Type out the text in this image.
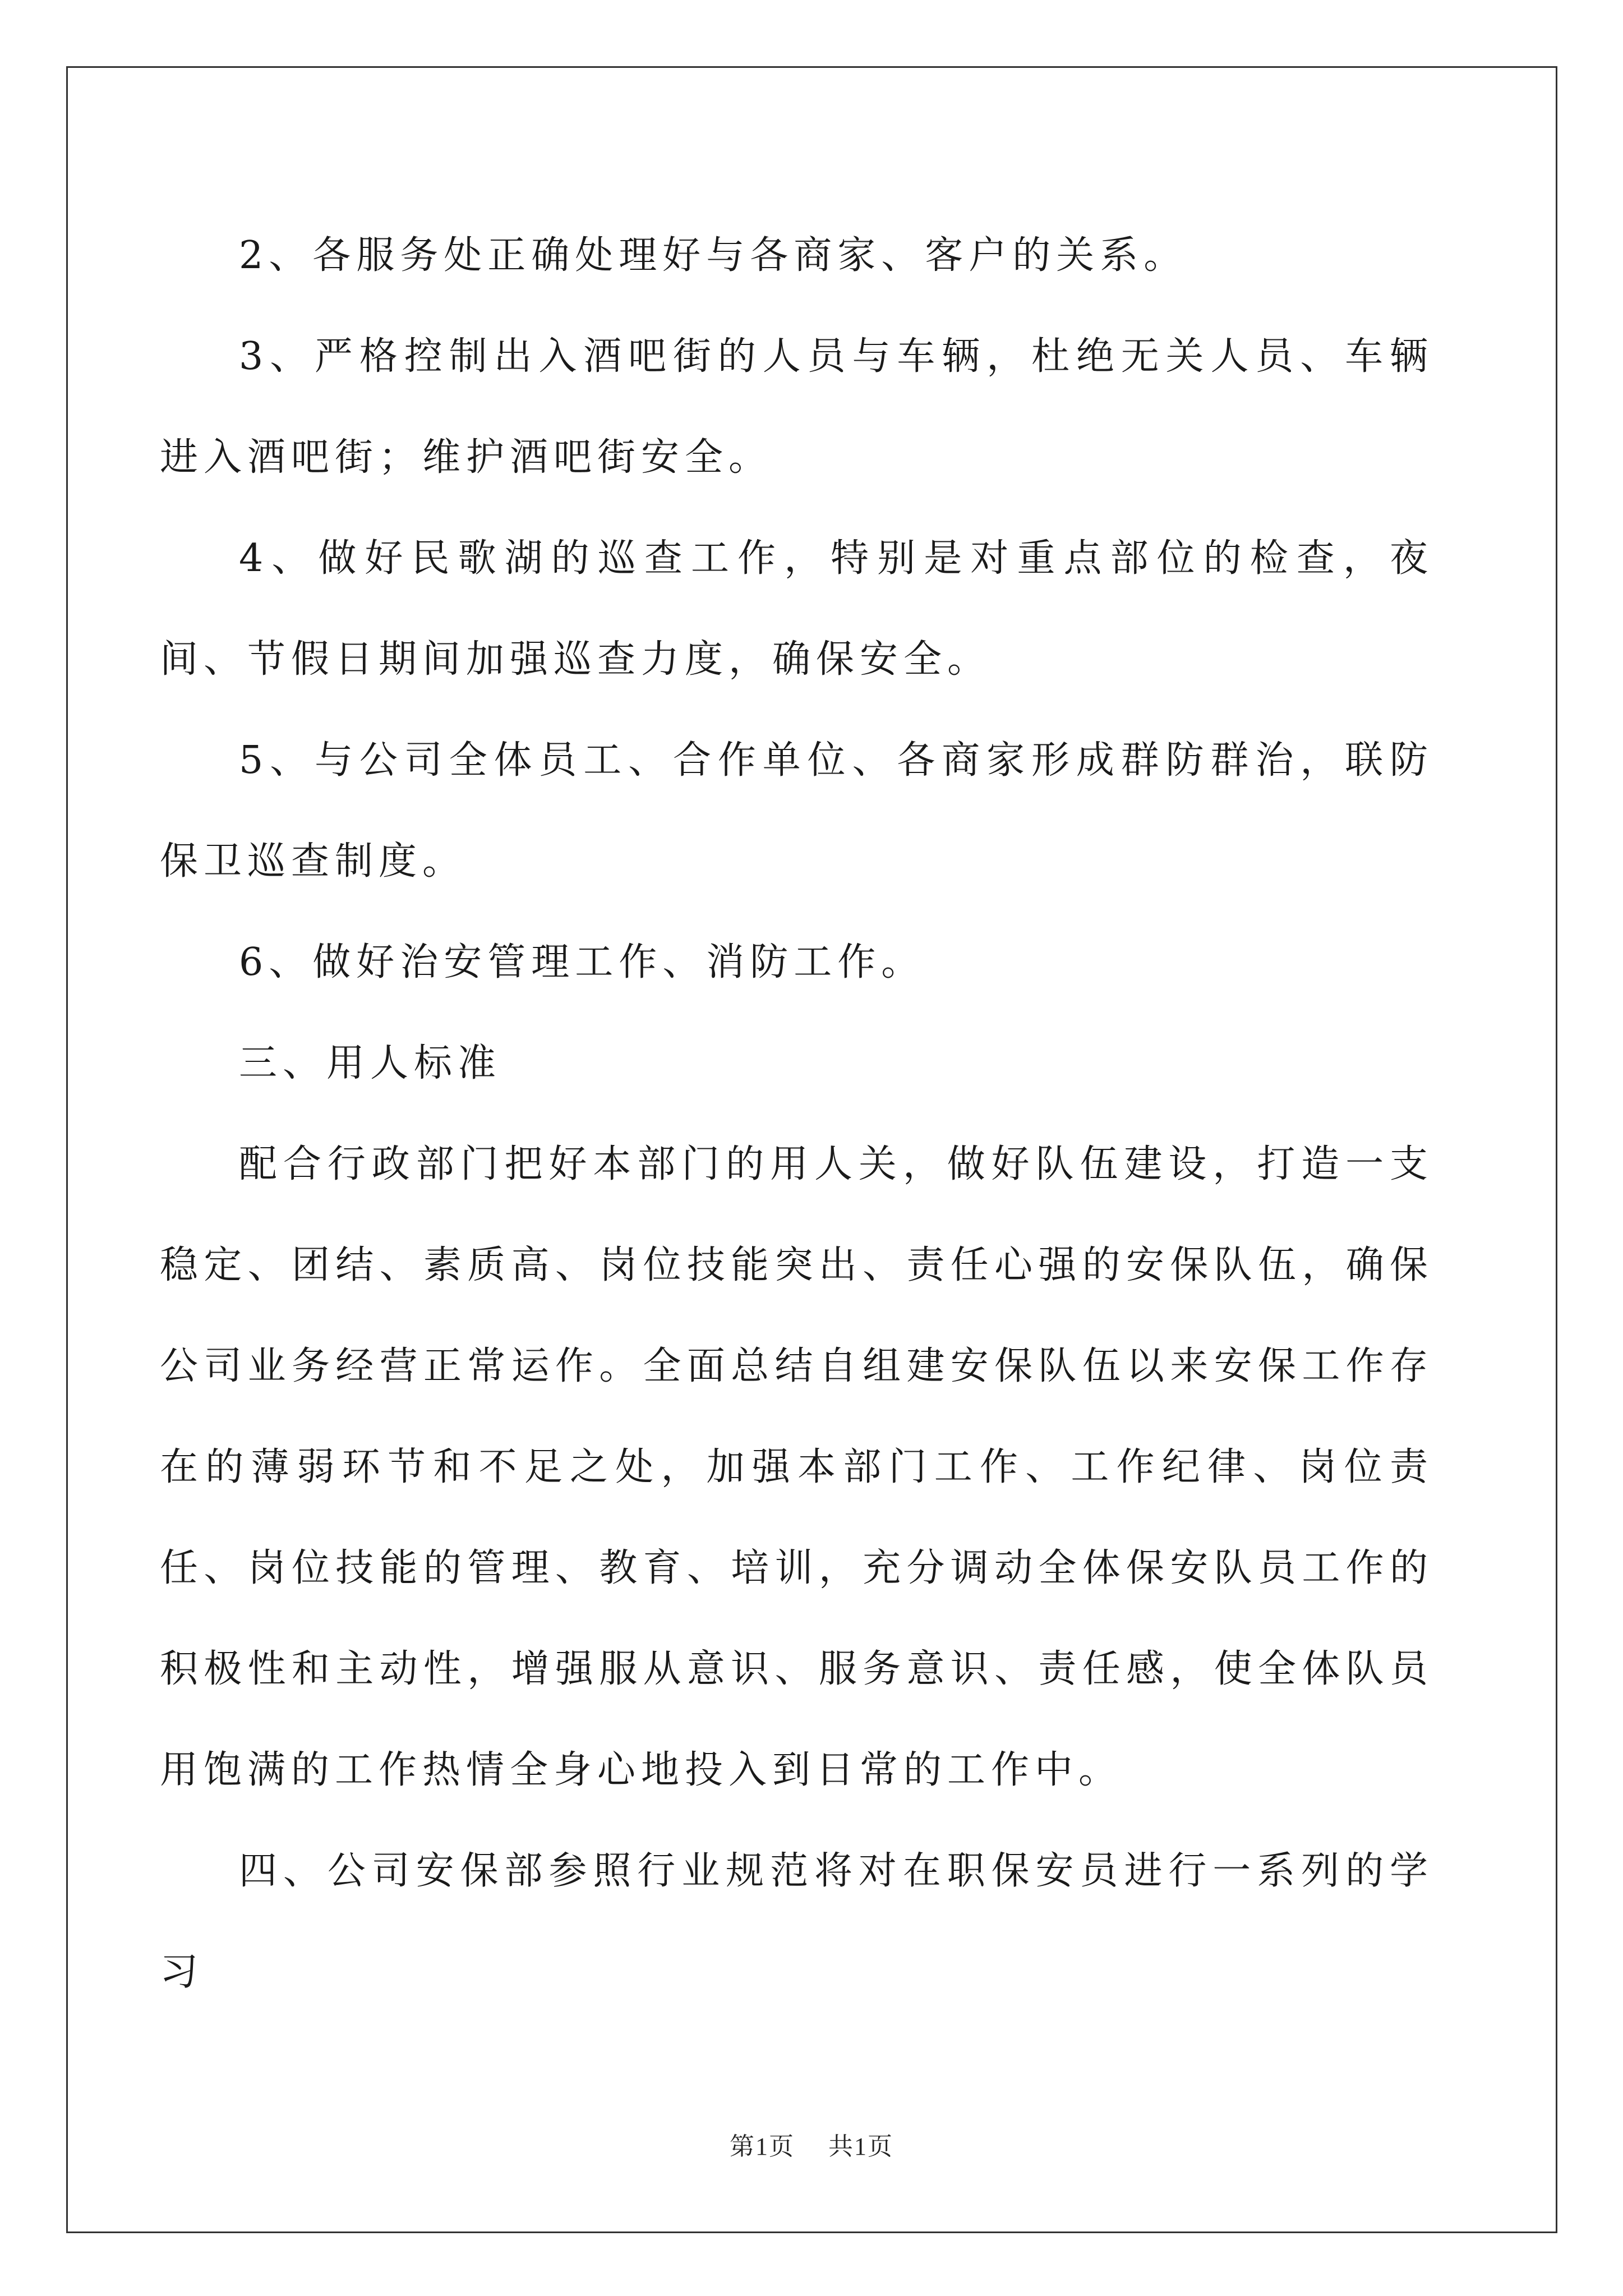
2、各服务处正确处理好与各商家、客户的关系。

3、严格控制出入酒吧街的人员与车辆，杜绝无关人员、车辆进入酒吧街；维护酒吧街安全。

4、做好民歌湖的巡查工作，特别是对重点部位的检查，夜间、节假日期间加强巡查力度，确保安全。

5、与公司全体员工、合作单位、各商家形成群防群治，联防保卫巡查制度。

6、做好治安管理工作、消防工作。

三、用人标准

配合行政部门把好本部门的用人关，做好队伍建设，打造一支稳定、团结、素质高、岗位技能突出、责任心强的安保队伍，确保公司业务经营正常运作。全面总结自组建安保队伍以来安保工作存在的薄弱环节和不足之处，加强本部门工作、工作纪律、岗位责任、岗位技能的管理、教育、培训，充分调动全体保安队员工作的积极性和主动性，增强服从意识、服务意识、责任感，使全体队员用饱满的工作热情全身心地投入到日常的工作中。

四、公司安保部参照行业规范将对在职保安员进行一系列的学习

第1页 共1页
